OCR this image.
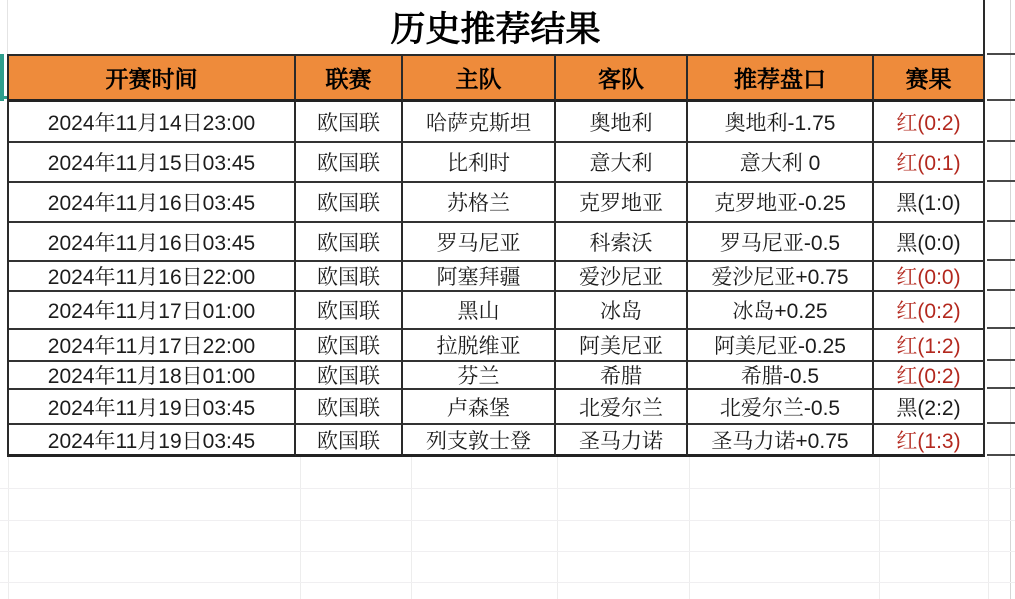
历史推荐结果
开赛时间	联赛	主队	客队	推荐盘口	赛果
2024年11月14日23:00	欧国联	哈萨克斯坦	奥地利	奥地利-1.75	红(0:2)
2024年11月15日03:45	欧国联	比利时	意大利	意大利 0	红(0:1)
2024年11月16日03:45	欧国联	苏格兰	克罗地亚	克罗地亚-0.25	黑(1:0)
2024年11月16日03:45	欧国联	罗马尼亚	科索沃	罗马尼亚-0.5	黑(0:0)
2024年11月16日22:00	欧国联	阿塞拜疆	爱沙尼亚	爱沙尼亚+0.75	红(0:0)
2024年11月17日01:00	欧国联	黑山	冰岛	冰岛+0.25	红(0:2)
2024年11月17日22:00	欧国联	拉脱维亚	阿美尼亚	阿美尼亚-0.25	红(1:2)
2024年11月18日01:00	欧国联	芬兰	希腊	希腊-0.5	红(0:2)
2024年11月19日03:45	欧国联	卢森堡	北爱尔兰	北爱尔兰-0.5	黑(2:2)
2024年11月19日03:45	欧国联	列支敦士登	圣马力诺	圣马力诺+0.75	红(1:3)
